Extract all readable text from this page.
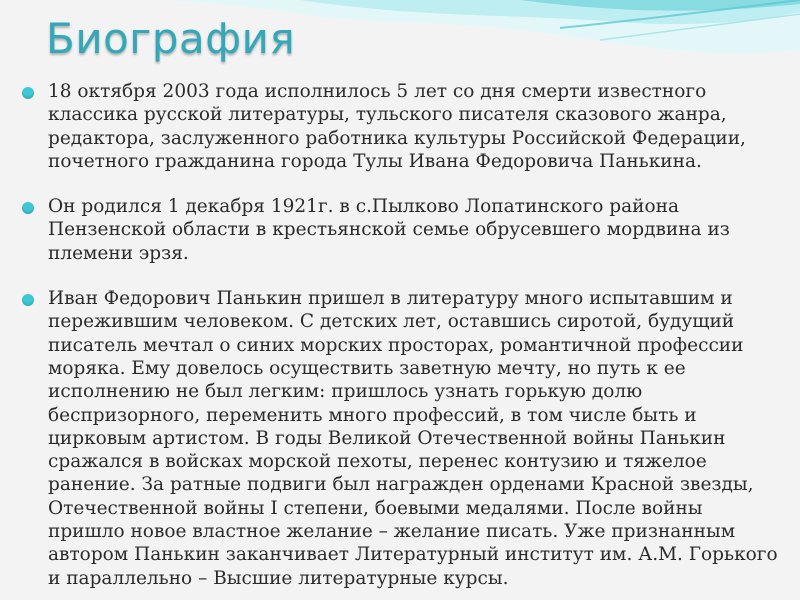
Биография

18 октября 2003 года исполнилось 5 лет со дня смерти известного классика русской литературы, тульского писателя сказового жанра, редактора, заслуженного работника культуры Российской Федерации, почетного гражданина города Тулы Ивана Федоровича Панькина.

Он родился 1 декабря 1921г. в с.Пылково Лопатинского района Пензенской области в крестьянской семье обрусевшего мордвина из племени эрзя.

Иван Федорович Панькин пришел в литературу много испытавшим и пережившим человеком. С детских лет, оставшись сиротой, будущий писатель мечтал о синих морских просторах, романтичной профессии моряка. Ему довелось осуществить заветную мечту, но путь к ее исполнению не был легким: пришлось узнать горькую долю беспризорного, переменить много профессий, в том числе быть и цирковым артистом. В годы Великой Отечественной войны Панькин сражался в войсках морской пехоты, перенес контузию и тяжелое ранение. За ратные подвиги был награжден орденами Красной звезды, Отечественной войны I степени, боевыми медалями. После войны пришло новое властное желание – желание писать. Уже признанным автором Панькин заканчивает Литературный институт им. А.М. Горького и параллельно – Высшие литературные курсы.
